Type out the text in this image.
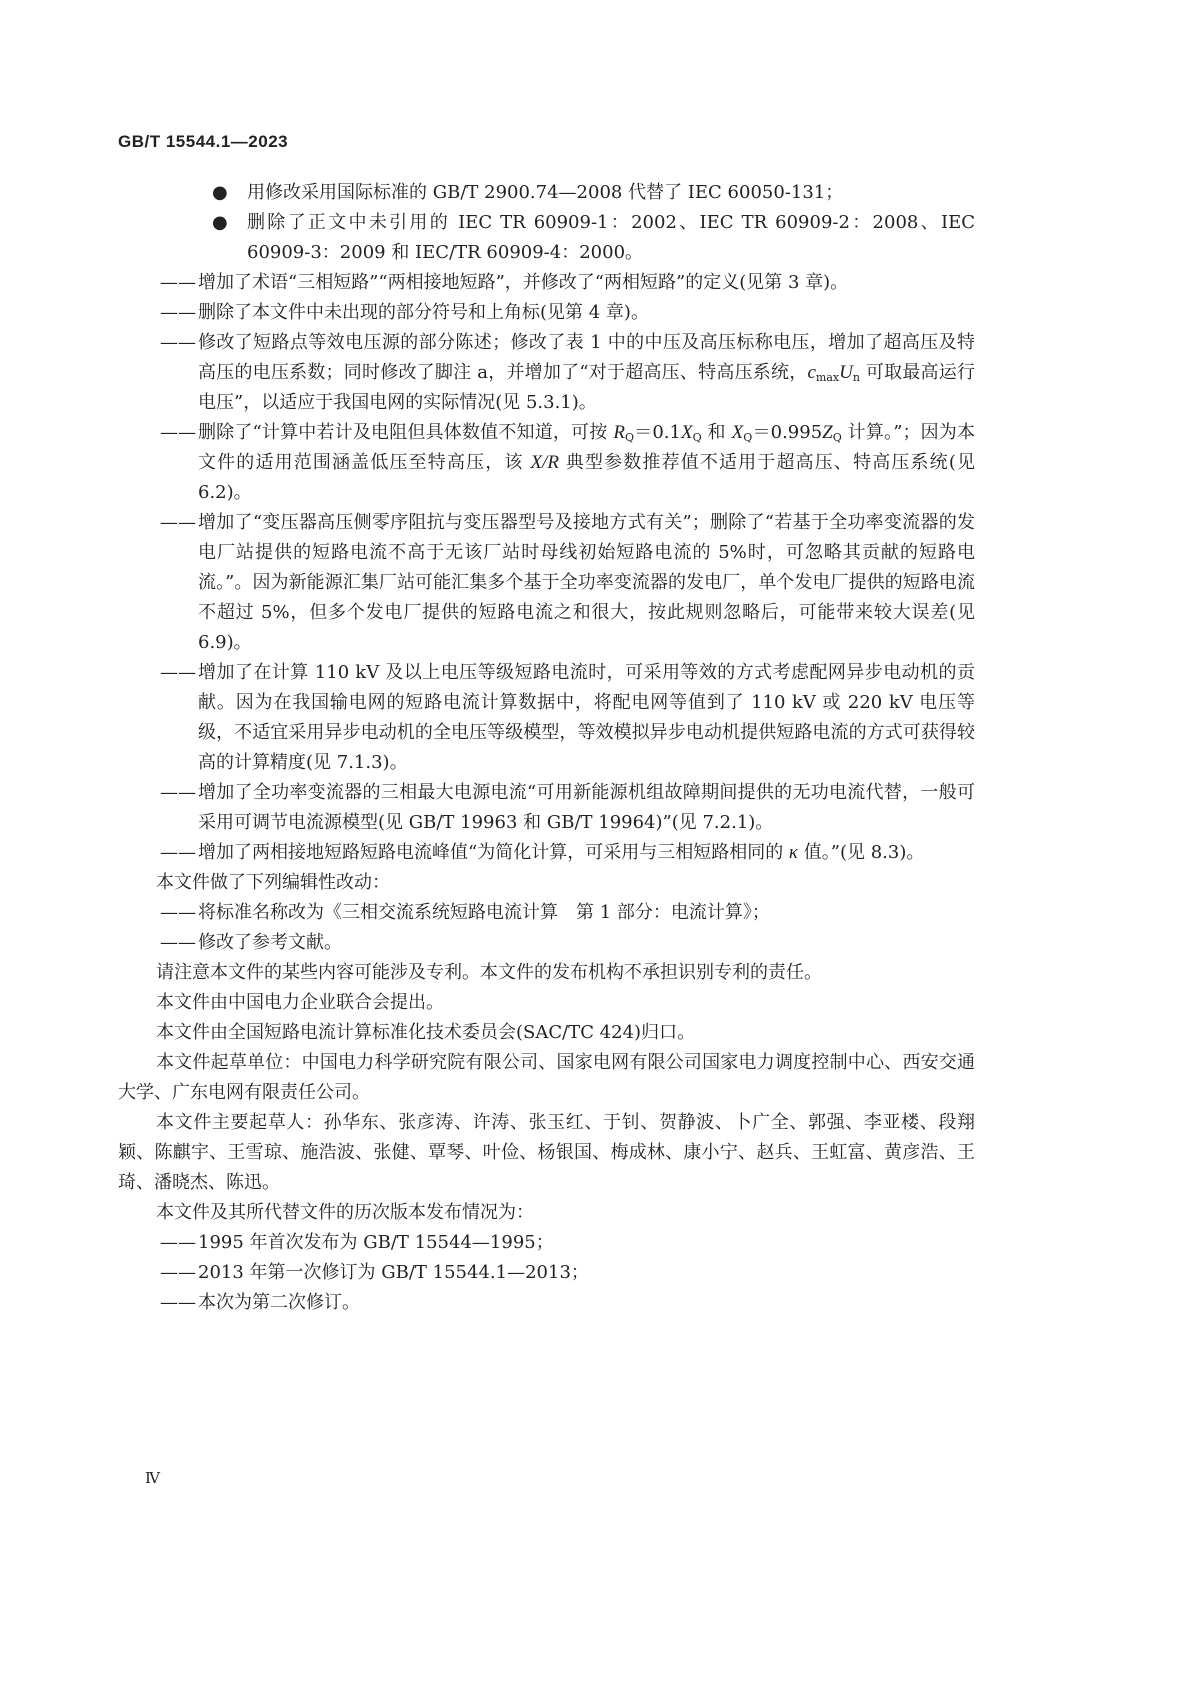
GB/T 15544.1—2023

●	用修改采用国际标准的 GB/T 2900.74—2008 代替了 IEC 60050-131；

●	删除了正文中未引用的 IEC TR 60909-1：2002、IEC TR 60909-2：2008、IEC 60909-3：2009 和 IEC/TR 60909-4：2000。

—— 增加了术语“三相短路”“两相接地短路”，并修改了“两相短路”的定义(见第 3 章)。

—— 删除了本文件中未出现的部分符号和上角标(见第 4 章)。

—— 修改了短路点等效电压源的部分陈述；修改了表 1 中的中压及高压标称电压，增加了超高压及特高压的电压系数；同时修改了脚注 a，并增加了“对于超高压、特高压系统，$c_{max}U_n$ 可取最高运行电压”，以适应于我国电网的实际情况(见 5.3.1)。

—— 删除了“计算中若计及电阻但具体数值不知道，可按 $R_Q=0.1X_Q$ 和 $X_Q=0.995Z_Q$ 计算。”；因为本文件的适用范围涵盖低压至特高压，该 X/R 典型参数推荐值不适用于超高压、特高压系统(见 6.2)。

—— 增加了“变压器高压侧零序阻抗与变压器型号及接地方式有关”；删除了“若基于全功率变流器的发电厂站提供的短路电流不高于无该厂站时母线初始短路电流的 5%时，可忽略其贡献的短路电流。”。因为新能源汇集厂站可能汇集多个基于全功率变流器的发电厂，单个发电厂提供的短路电流不超过 5%，但多个发电厂提供的短路电流之和很大，按此规则忽略后，可能带来较大误差(见 6.9)。

—— 增加了在计算 110 kV 及以上电压等级短路电流时，可采用等效的方式考虑配网异步电动机的贡献。因为在我国输电网的短路电流计算数据中，将配电网等值到了 110 kV 或 220 kV 电压等级，不适宜采用异步电动机的全电压等级模型，等效模拟异步电动机提供短路电流的方式可获得较高的计算精度(见 7.1.3)。

—— 增加了全功率变流器的三相最大电源电流“可用新能源机组故障期间提供的无功电流代替，一般可采用可调节电流源模型(见 GB/T 19963 和 GB/T 19964)”(见 7.2.1)。

—— 增加了两相接地短路短路电流峰值“为简化计算，可采用与三相短路相同的 κ 值。”(见 8.3)。

本文件做了下列编辑性改动：

—— 将标准名称改为《三相交流系统短路电流计算　第 1 部分：电流计算》；

—— 修改了参考文献。

请注意本文件的某些内容可能涉及专利。本文件的发布机构不承担识别专利的责任。

本文件由中国电力企业联合会提出。

本文件由全国短路电流计算标准化技术委员会(SAC/TC 424)归口。

本文件起草单位：中国电力科学研究院有限公司、国家电网有限公司国家电力调度控制中心、西安交通大学、广东电网有限责任公司。

本文件主要起草人：孙华东、张彦涛、许涛、张玉红、于钊、贺静波、卜广全、郭强、李亚楼、段翔颖、陈麒宇、王雪琼、施浩波、张健、覃琴、叶俭、杨银国、梅成林、康小宁、赵兵、王虹富、黄彦浩、王琦、潘晓杰、陈迅。

本文件及其所代替文件的历次版本发布情况为：

—— 1995 年首次发布为 GB/T 15544—1995；

—— 2013 年第一次修订为 GB/T 15544.1—2013；

—— 本次为第二次修订。

Ⅳ
